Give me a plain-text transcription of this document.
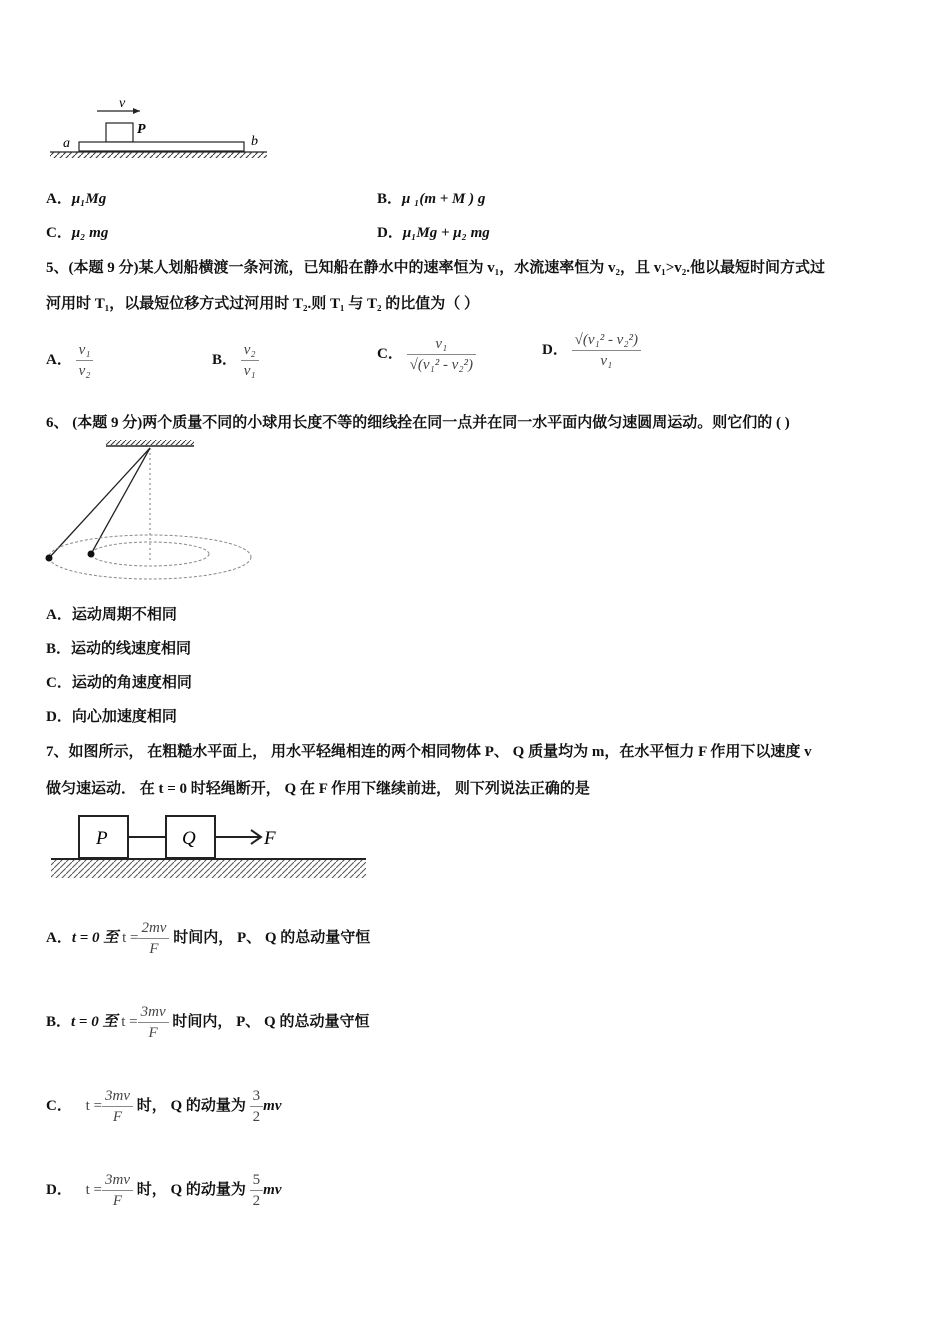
v
P
a	b
A．μ₁Mg	B．μ ₁(m + M ) g
C．μ₂ mg	D．μ₁Mg + μ₂ mg
5、(本题 9 分)某人划船横渡一条河流，已知船在静水中的速率恒为 v₁，水流速率恒为 v₂，且 v₁>v₂.他以最短时间方式过
河用时 T₁，以最短位移方式过河用时 T₂.则 T₁ 与 T₂ 的比值为（ ）
A． $\frac{\text{v₁}}{\text{v₂}}$	B． $\frac{\text{v₂}}{\text{v₁}}$	C． $\frac{\text{v₁}}{\text{√(v₁² - v₂²)}}$	D． $\frac{\text{√(v₁² - v₂²)}}{\text{v₁}}$
6、 (本题 9 分)两个质量不同的小球用长度不等的细线拴在同一点并在同一水平面内做匀速圆周运动。则它们的 ( )
A．运动周期不相同
B．运动的线速度相同
C．运动的角速度相同
D．向心加速度相同
7、如图所示， 在粗糙水平面上， 用水平轻绳相连的两个相同物体 P、 Q 质量均为 m，在水平恒力 F 作用下以速度 v
做匀速运动． 在 t = 0 时轻绳断开， Q 在 F 作用下继续前进， 则下列说法正确的是
P	Q	F
A．t = 0 至 $t = \frac{2mv}{F}$ 时间内， P、 Q 的总动量守恒
B．t = 0 至 $t = \frac{3mv}{F}$ 时间内， P、 Q 的总动量守恒
C． $t = \frac{3mv}{F}$ 时， Q 的动量为 $\frac{3}{2}$ mv
D． $t = \frac{3mv}{F}$ 时， Q 的动量为 $\frac{5}{2}$ mv
